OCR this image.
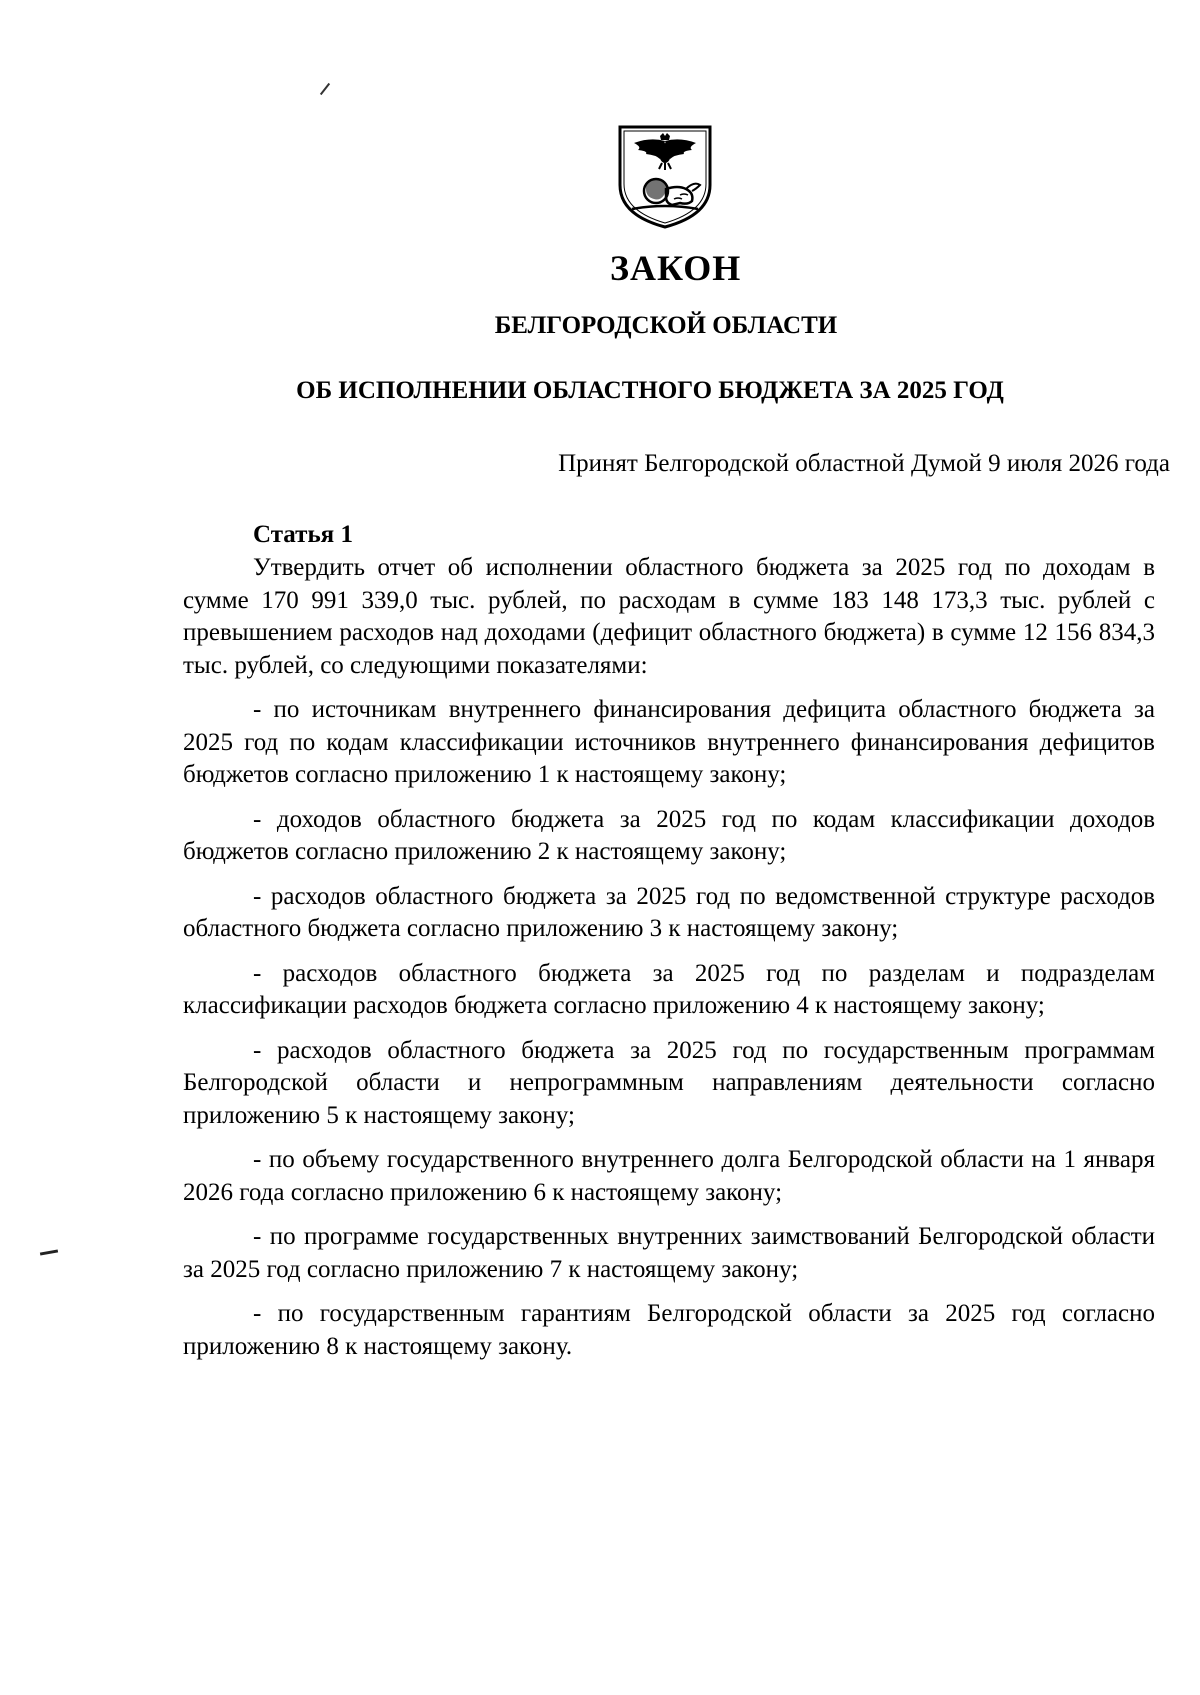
ЗАКОН
БЕЛГОРОДСКОЙ ОБЛАСТИ
ОБ ИСПОЛНЕНИИ ОБЛАСТНОГО БЮДЖЕТА ЗА 2025 ГОД
Принят Белгородской областной Думой 9 июля 2026 года
Статья 1

Утвердить отчет об исполнении областного бюджета за 2025 год по доходам в сумме 170 991 339,0 тыс. рублей, по расходам в сумме 183 148 173,3 тыс. рублей с превышением расходов над доходами (дефицит областного бюджета) в сумме 12 156 834,3 тыс. рублей, со следующими показателями:

- по источникам внутреннего финансирования дефицита областного бюджета за 2025 год по кодам классификации источников внутреннего финансирования дефицитов бюджетов согласно приложению 1 к настоящему закону;

- доходов областного бюджета за 2025 год по кодам классификации доходов бюджетов согласно приложению 2 к настоящему закону;

- расходов областного бюджета за 2025 год по ведомственной структуре расходов областного бюджета согласно приложению 3 к настоящему закону;

- расходов областного бюджета за 2025 год по разделам и подразделам классификации расходов бюджета согласно приложению 4 к настоящему закону;

- расходов областного бюджета за 2025 год по государственным программам Белгородской области и непрограммным направлениям деятельности согласно приложению 5 к настоящему закону;

- по объему государственного внутреннего долга Белгородской области на 1 января 2026 года согласно приложению 6 к настоящему закону;

- по программе государственных внутренних заимствований Белгородской области за 2025 год согласно приложению 7 к настоящему закону;

- по государственным гарантиям Белгородской области за 2025 год согласно приложению 8 к настоящему закону.
